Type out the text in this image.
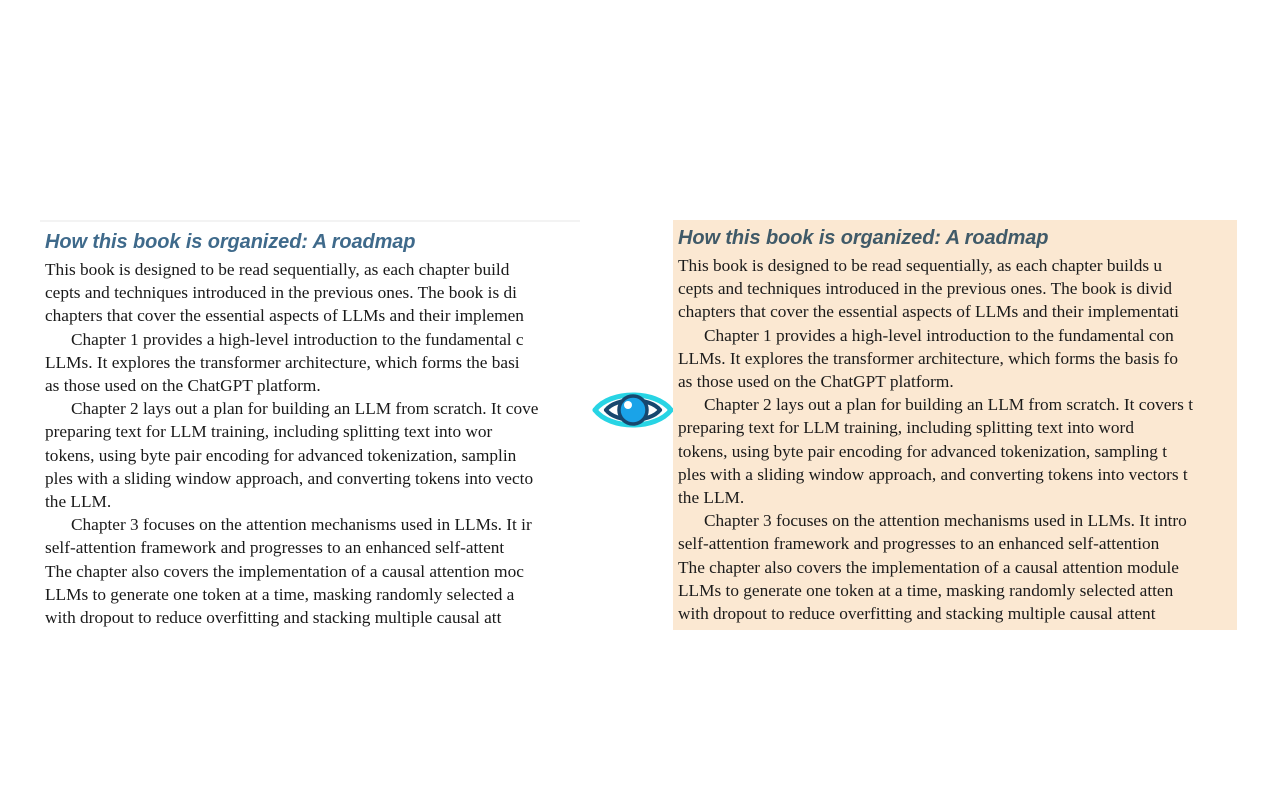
How this book is organized: A roadmap
This book is designed to be read sequentially, as each chapter build
cepts and techniques introduced in the previous ones. The book is di
chapters that cover the essential aspects of LLMs and their implemen
Chapter 1 provides a high-level introduction to the fundamental c
LLMs. It explores the transformer architecture, which forms the basi
as those used on the ChatGPT platform.
Chapter 2 lays out a plan for building an LLM from scratch. It cove
preparing text for LLM training, including splitting text into wor
tokens, using byte pair encoding for advanced tokenization, samplin
ples with a sliding window approach, and converting tokens into vecto
the LLM.
Chapter 3 focuses on the attention mechanisms used in LLMs. It ir
self-attention framework and progresses to an enhanced self-attent
The chapter also covers the implementation of a causal attention moc
LLMs to generate one token at a time, masking randomly selected a
with dropout to reduce overfitting and stacking multiple causal att
How this book is organized: A roadmap
This book is designed to be read sequentially, as each chapter builds u
cepts and techniques introduced in the previous ones. The book is divid
chapters that cover the essential aspects of LLMs and their implementati
Chapter 1 provides a high-level introduction to the fundamental con
LLMs. It explores the transformer architecture, which forms the basis fo
as those used on the ChatGPT platform.
Chapter 2 lays out a plan for building an LLM from scratch. It covers t
preparing text for LLM training, including splitting text into word
tokens, using byte pair encoding for advanced tokenization, sampling t
ples with a sliding window approach, and converting tokens into vectors t
the LLM.
Chapter 3 focuses on the attention mechanisms used in LLMs. It intro
self-attention framework and progresses to an enhanced self-attention
The chapter also covers the implementation of a causal attention module
LLMs to generate one token at a time, masking randomly selected atten
with dropout to reduce overfitting and stacking multiple causal attent
